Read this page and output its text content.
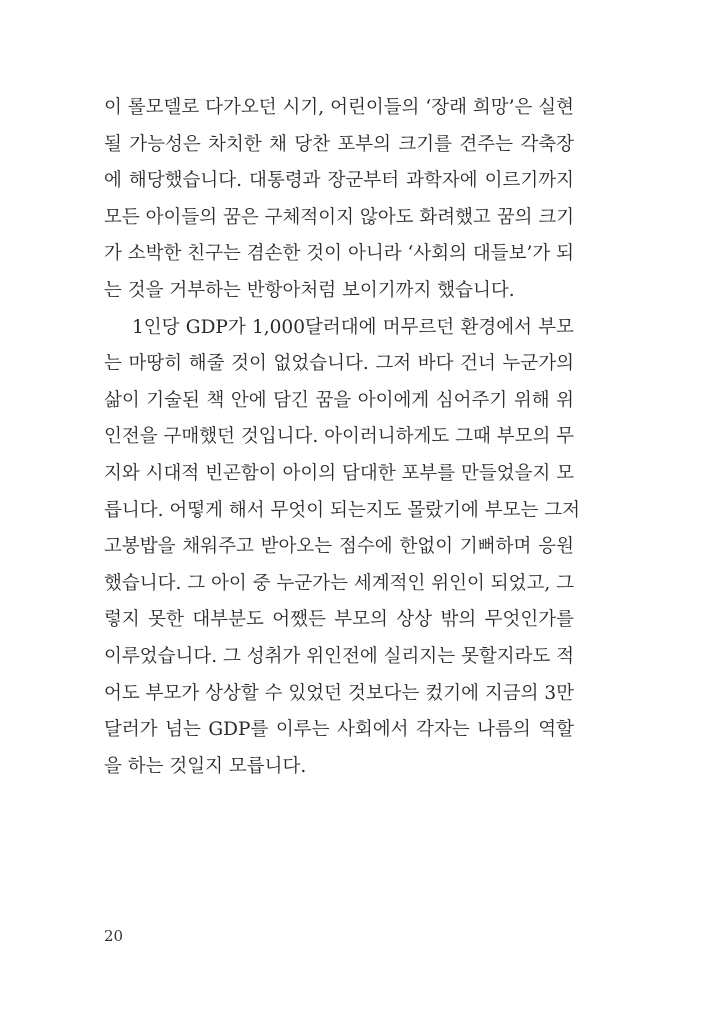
이 롤모델로 다가오던 시기, 어린이들의 ‘장래 희망’은 실현
될 가능성은 차치한 채 당찬 포부의 크기를 견주는 각축장
에 해당했습니다. 대통령과 장군부터 과학자에 이르기까지
모든 아이들의 꿈은 구체적이지 않아도 화려했고 꿈의 크기
가 소박한 친구는 겸손한 것이 아니라 ‘사회의 대들보’가 되
는 것을 거부하는 반항아처럼 보이기까지 했습니다.
1인당 GDP가 1,000달러대에 머무르던 환경에서 부모
는 마땅히 해줄 것이 없었습니다. 그저 바다 건너 누군가의
삶이 기술된 책 안에 담긴 꿈을 아이에게 심어주기 위해 위
인전을 구매했던 것입니다. 아이러니하게도 그때 부모의 무
지와 시대적 빈곤함이 아이의 담대한 포부를 만들었을지 모
릅니다. 어떻게 해서 무엇이 되는지도 몰랐기에 부모는 그저
고봉밥을 채워주고 받아오는 점수에 한없이 기뻐하며 응원
했습니다. 그 아이 중 누군가는 세계적인 위인이 되었고, 그
렇지 못한 대부분도 어쨌든 부모의 상상 밖의 무엇인가를
이루었습니다. 그 성취가 위인전에 실리지는 못할지라도 적
어도 부모가 상상할 수 있었던 것보다는 컸기에 지금의 3만
달러가 넘는 GDP를 이루는 사회에서 각자는 나름의 역할
을 하는 것일지 모릅니다.
20
